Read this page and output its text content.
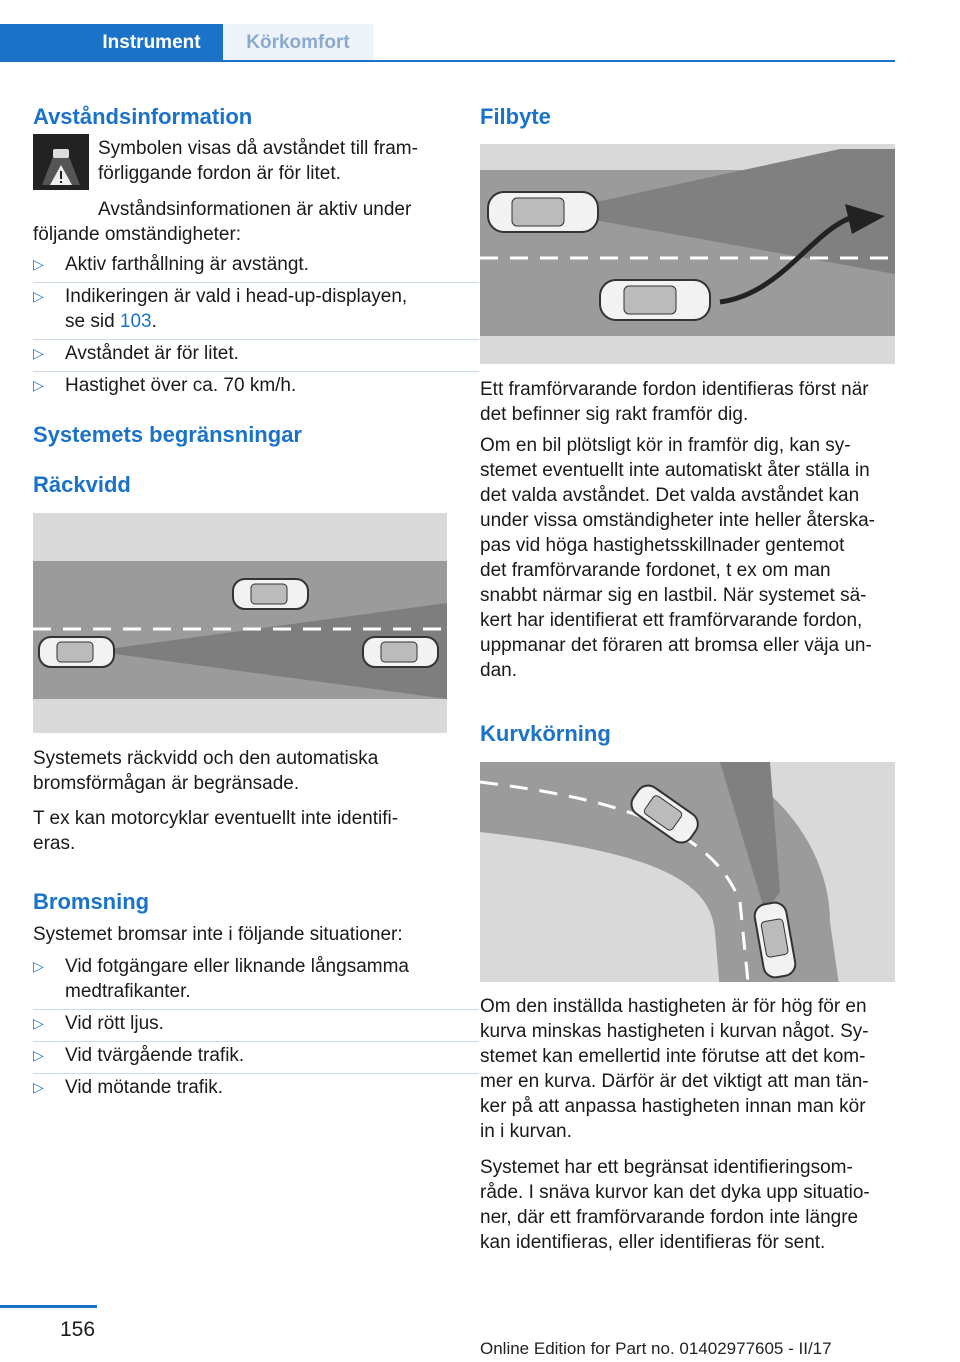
Instrument	Körkomfort
Avståndsinformation

Symbolen visas då avståndet till fram‐
förliggande fordon är för litet.

Avståndsinformationen är aktiv under

följande omständigheter:

▷ Aktiv farthållning är avstängt.
▷ Indikeringen är vald i head-up-displayen,
se sid 103.
▷ Avståndet är för litet.
▷ Hastighet över ca. 70 km/h.
Systemets begränsningar
Räckvidd

Systemets räckvidd och den automatiska
bromsförmågan är begränsade.

T ex kan motorcyklar eventuellt inte identifi‐
eras.

Bromsning

Systemet bromsar inte i följande situationer:

▷ Vid fotgängare eller liknande långsamma
medtrafikanter.
▷ Vid rött ljus.
▷ Vid tvärgående trafik.
▷ Vid mötande trafik.
Filbyte

Ett framförvarande fordon identifieras först när
det befinner sig rakt framför dig.

Om en bil plötsligt kör in framför dig, kan sy‐
stemet eventuellt inte automatiskt åter ställa in
det valda avståndet. Det valda avståndet kan
under vissa omständigheter inte heller återska‐
pas vid höga hastighetsskillnader gentemot
det framförvarande fordonet, t ex om man
snabbt närmar sig en lastbil. När systemet sä‐
kert har identifierat ett framförvarande fordon,
uppmanar det föraren att bromsa eller väja un‐
dan.

Kurvkörning

Om den inställda hastigheten är för hög för en
kurva minskas hastigheten i kurvan något. Sy‐
stemet kan emellertid inte förutse att det kom‐
mer en kurva. Därför är det viktigt att man tän‐
ker på att anpassa hastigheten innan man kör
in i kurvan.

Systemet har ett begränsat identifieringsom‐
råde. I snäva kurvor kan det dyka upp situatio‐
ner, där ett framförvarande fordon inte längre
kan identifieras, eller identifieras för sent.

156
Online Edition for Part no. 01402977605 - II/17
